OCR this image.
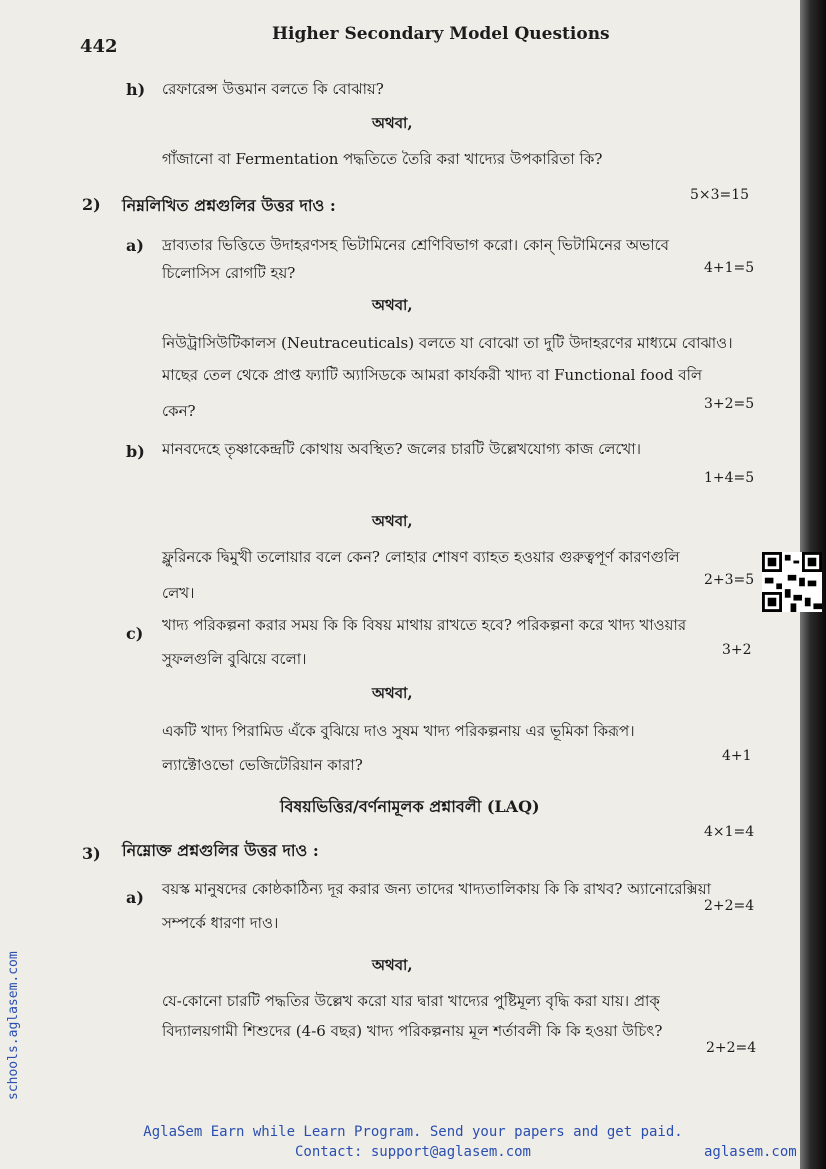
442
Higher Secondary Model Questions
h) রেফারেন্স উত্তমান বলতে কি বোঝায়?
অথবা,
গাঁজানো বা Fermentation পদ্ধতিতে তৈরি করা খাদ্যের উপকারিতা কি?
2) নিম্নলিখিত প্রশ্নগুলির উত্তর দাও :
5×3=15
a) দ্রাব্যতার ভিত্তিতে উদাহরণসহ ভিটামিনের শ্রেণিবিভাগ করো। কোন্ ভিটামিনের অভাবে
চিলোসিস রোগটি হয়?	4+1=5
অথবা,
নিউট্রাসিউটিকালস (Neutraceuticals) বলতে যা বোঝো তা দুটি উদাহরণের মাধ্যমে বোঝাও।
মাছের তেল থেকে প্রাপ্ত ফ্যাটি অ্যাসিডকে আমরা কার্যকরী খাদ্য বা Functional food বলি
কেন?	3+2=5
b) মানবদেহে তৃষ্ণাকেন্দ্রটি কোথায় অবস্থিত? জলের চারটি উল্লেখযোগ্য কাজ লেখো।
1+4=5
অথবা,
ফ্লুরিনকে দ্বিমুখী তলোয়ার বলে কেন? লোহার শোষণ ব্যাহত হওয়ার গুরুত্বপূর্ণ কারণগুলি
লেখ।
2+3=5
c) খাদ্য পরিকল্পনা করার সময় কি কি বিষয় মাথায় রাখতে হবে? পরিকল্পনা করে খাদ্য খাওয়ার
সুফলগুলি বুঝিয়ে বলো।	3+2
অথবা,
একটি খাদ্য পিরামিড এঁকে বুঝিয়ে দাও সুষম খাদ্য পরিকল্পনায় এর ভূমিকা কিরূপ।
ল্যাক্টোওভো ভেজিটেরিয়ান কারা?	4+1
বিষয়ভিত্তির/বর্ণনামূলক প্রশ্নাবলী (LAQ)
3) নিম্নোক্ত প্রশ্নগুলির উত্তর দাও :
4×1=4
a) বয়স্ক মানুষদের কোষ্ঠকাঠিন্য দূর করার জন্য তাদের খাদ্যতালিকায় কি কি রাখব? অ্যানোরেক্সিয়া
সম্পর্কে ধারণা দাও।
2+2=4
অথবা,
যে-কোনো চারটি পদ্ধতির উল্লেখ করো যার দ্বারা খাদ্যের পুষ্টিমূল্য বৃদ্ধি করা যায়। প্রাক্
বিদ্যালয়গামী শিশুদের (4-6 বছর) খাদ্য পরিকল্পনায় মূল শর্তাবলী কি কি হওয়া উচিৎ?
2+2=4
schools.aglasem.com
AglaSem Earn while Learn Program. Send your papers and get paid.
Contact: support@aglasem.com	aglasem.com
